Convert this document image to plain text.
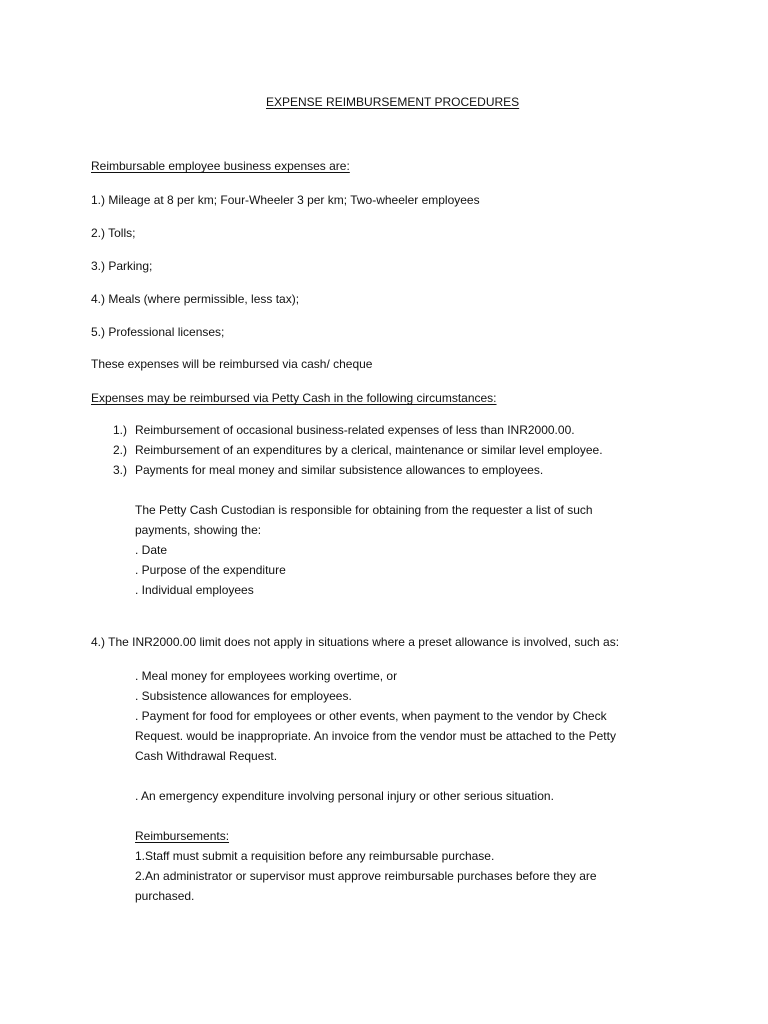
EXPENSE REIMBURSEMENT PROCEDURES
Reimbursable employee business expenses are:
1.) Mileage at 8 per km; Four-Wheeler 3 per km; Two-wheeler employees
2.) Tolls;
3.) Parking;
4.) Meals (where permissible, less tax);
5.) Professional licenses;
These expenses will be reimbursed via cash/ cheque
Expenses may be reimbursed via Petty Cash in the following circumstances:
1.) Reimbursement of occasional business-related expenses of less than INR2000.00.
2.) Reimbursement of an expenditures by a clerical, maintenance or similar level employee.
3.) Payments for meal money and similar subsistence allowances to employees.
The Petty Cash Custodian is responsible for obtaining from the requester a list of such
payments, showing the:
. Date
. Purpose of the expenditure
. Individual employees
4.) The INR2000.00 limit does not apply in situations where a preset allowance is involved, such as:
. Meal money for employees working overtime, or
. Subsistence allowances for employees.
. Payment for food for employees or other events, when payment to the vendor by Check
Request. would be inappropriate. An invoice from the vendor must be attached to the Petty
Cash Withdrawal Request.
. An emergency expenditure involving personal injury or other serious situation.
Reimbursements:
1.Staff must submit a requisition before any reimbursable purchase.
2.An administrator or supervisor must approve reimbursable purchases before they are
purchased.
